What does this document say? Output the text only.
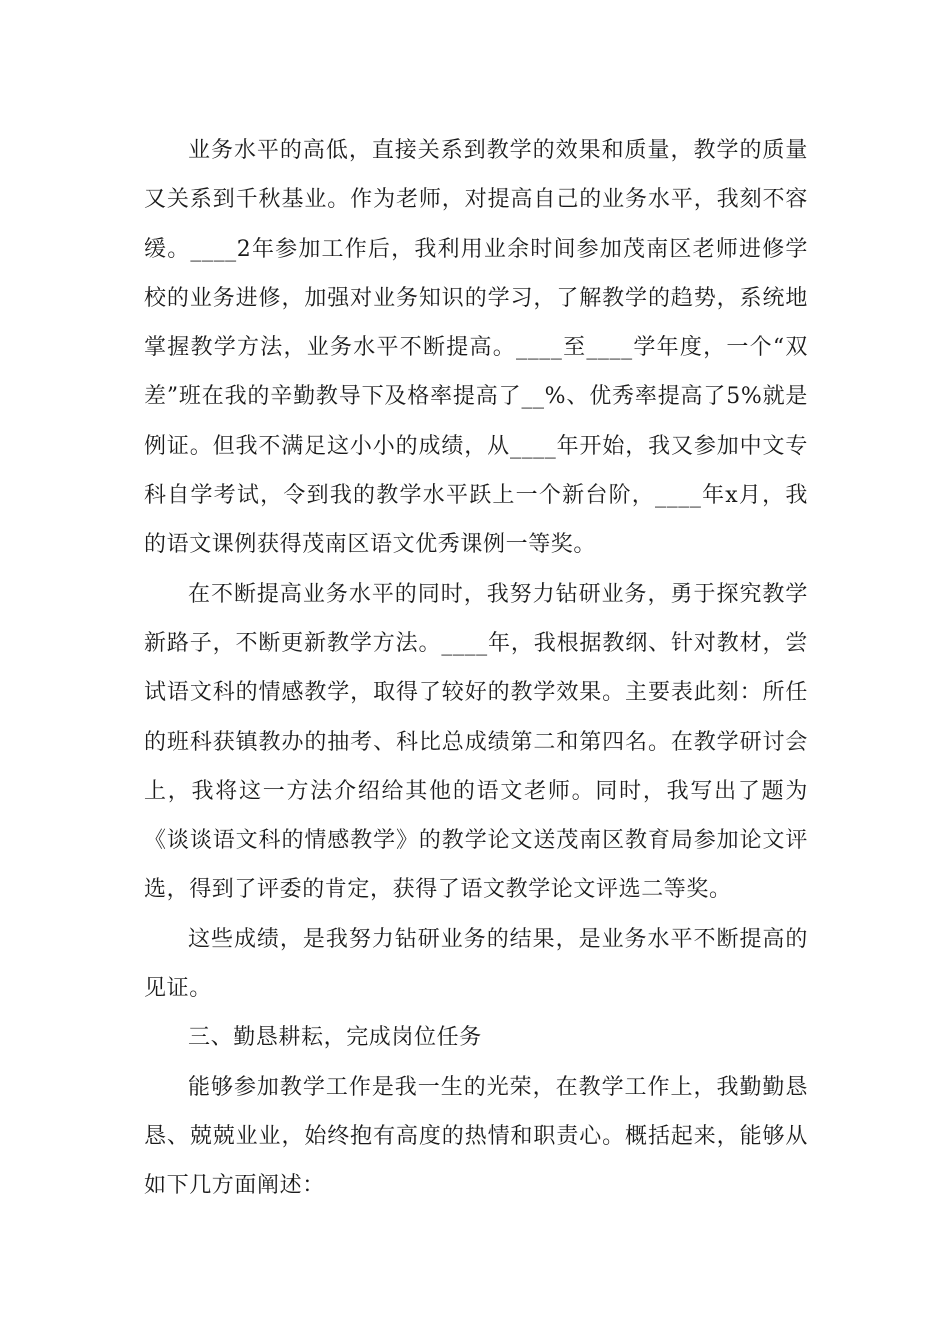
业务水平的高低，直接关系到教学的效果和质量，教学的质量又关系到千秋基业。作为老师，对提高自己的业务水平，我刻不容缓。____2年参加工作后，我利用业余时间参加茂南区老师进修学校的业务进修，加强对业务知识的学习，了解教学的趋势，系统地掌握教学方法，业务水平不断提高。____至____学年度，一个“双差”班在我的辛勤教导下及格率提高了__%、优秀率提高了5%就是例证。但我不满足这小小的成绩，从____年开始，我又参加中文专科自学考试，令到我的教学水平跃上一个新台阶，____年x月，我的语文课例获得茂南区语文优秀课例一等奖。

在不断提高业务水平的同时，我努力钻研业务，勇于探究教学新路子，不断更新教学方法。____年，我根据教纲、针对教材，尝试语文科的情感教学，取得了较好的教学效果。主要表此刻：所任的班科获镇教办的抽考、科比总成绩第二和第四名。在教学研讨会上，我将这一方法介绍给其他的语文老师。同时，我写出了题为《谈谈语文科的情感教学》的教学论文送茂南区教育局参加论文评选，得到了评委的肯定，获得了语文教学论文评选二等奖。

这些成绩，是我努力钻研业务的结果，是业务水平不断提高的见证。

三、勤恳耕耘，完成岗位任务

能够参加教学工作是我一生的光荣，在教学工作上，我勤勤恳恳、兢兢业业，始终抱有高度的热情和职责心。概括起来，能够从如下几方面阐述：
